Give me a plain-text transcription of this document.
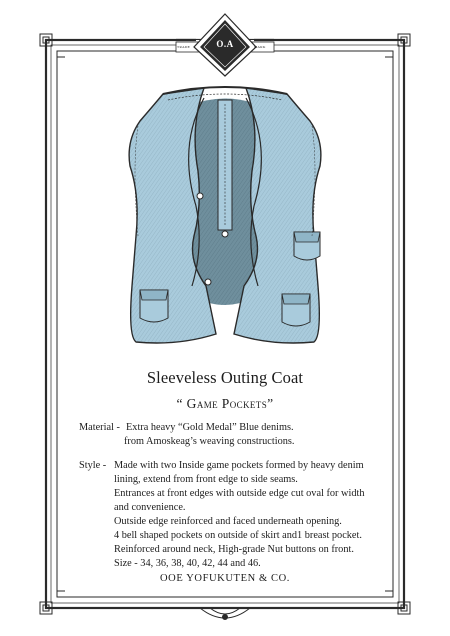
O.A
TRADE	MARK
Sleeveless Outing Coat
“ Game Pockets”
Material - Extra heavy “Gold Medal” Blue denims.
from Amoskeag’s weaving constructions.
Style - Made with two Inside game pockets formed by heavy denim
lining, extend from front edge to side seams.
Entrances at front edges with outside edge cut oval for width
and convenience.
Outside edge reinforced and faced underneath opening.
4 bell shaped pockets on outside of skirt and1 breast pocket.
Reinforced around neck, High-grade Nut buttons on front.
Size - 34, 36, 38, 40, 42, 44 and 46.
OOE YOFUKUTEN & CO.
